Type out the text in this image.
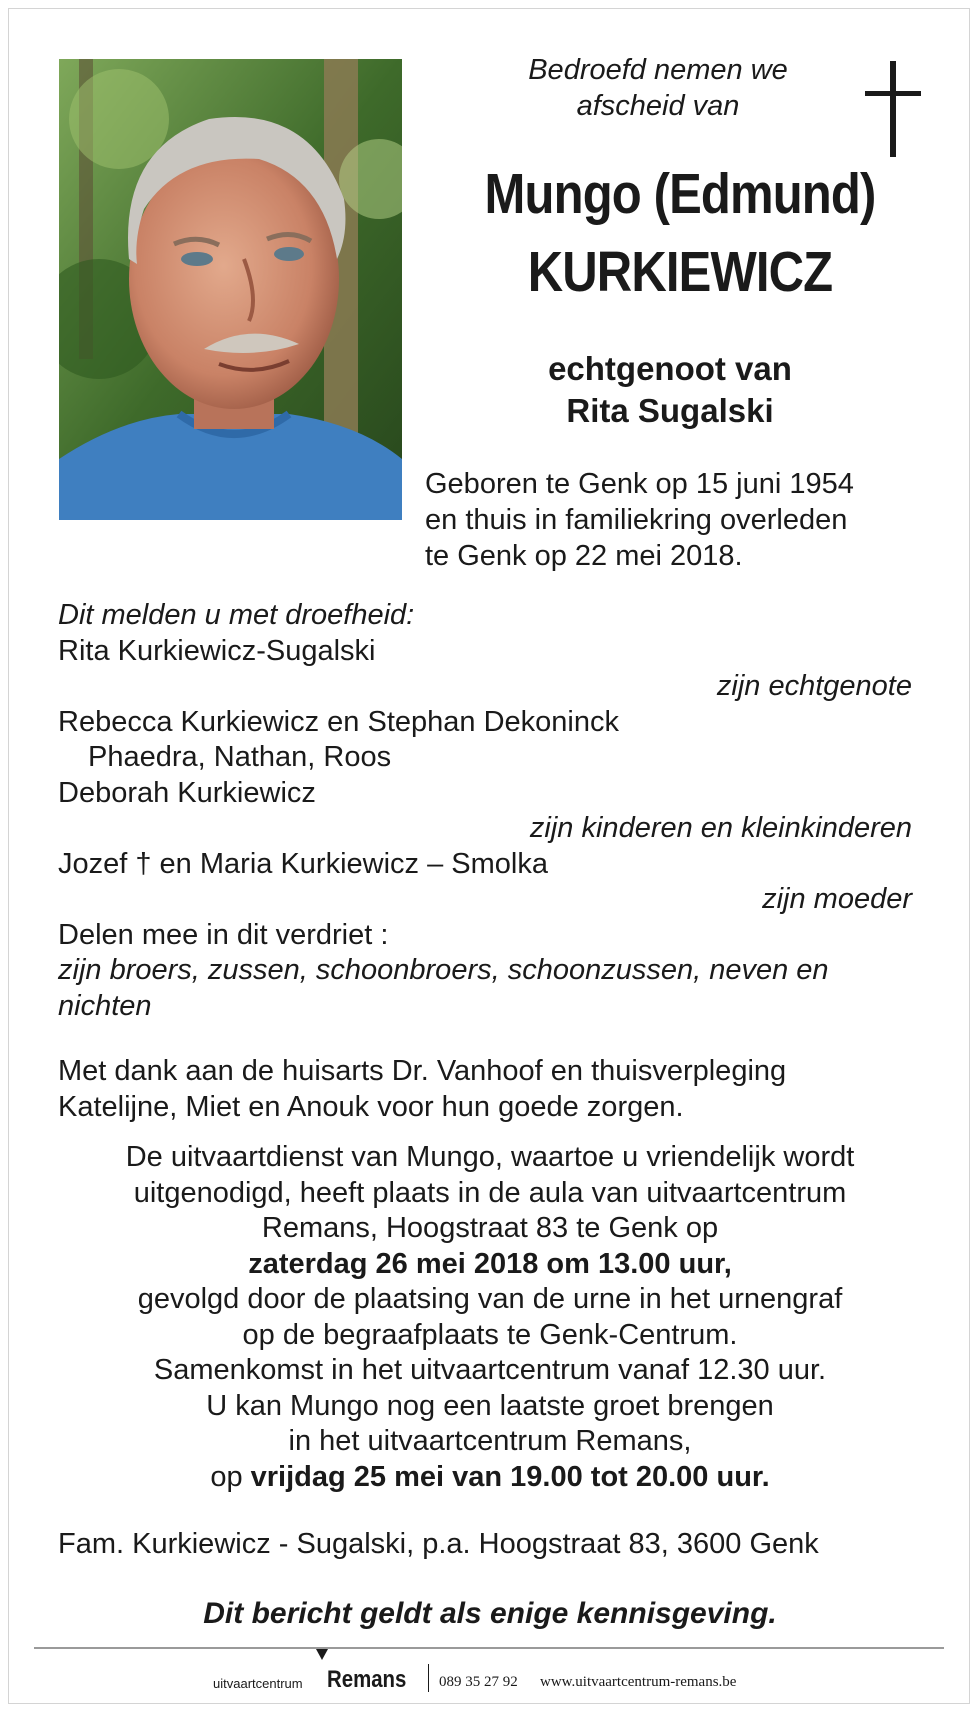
Bedroefd nemen we
afscheid van
Mungo (Edmund)
KURKIEWICZ
echtgenoot van
Rita Sugalski
Geboren te Genk op 15 juni 1954
en thuis in familiekring overleden
te Genk op 22 mei 2018.
Dit melden u met droefheid:
Rita Kurkiewicz-Sugalski
zijn echtgenote
Rebecca Kurkiewicz en Stephan Dekoninck
Phaedra, Nathan, Roos
Deborah Kurkiewicz
zijn kinderen en kleinkinderen
Jozef † en Maria Kurkiewicz – Smolka
zijn moeder
Delen mee in dit verdriet :
zijn broers, zussen, schoonbroers, schoonzussen, neven en
nichten
Met dank aan de huisarts Dr. Vanhoof en thuisverpleging
Katelijne, Miet en Anouk voor hun goede zorgen.
De uitvaartdienst van Mungo, waartoe u vriendelijk wordt
uitgenodigd, heeft plaats in de aula van uitvaartcentrum
Remans, Hoogstraat 83 te Genk op
zaterdag 26 mei 2018 om 13.00 uur,
gevolgd door de plaatsing van de urne in het urnengraf
op de begraafplaats te Genk-Centrum.
Samenkomst in het uitvaartcentrum vanaf 12.30 uur.
U kan Mungo nog een laatste groet brengen
in het uitvaartcentrum Remans,
op vrijdag 25 mei van 19.00 tot 20.00 uur.
Fam. Kurkiewicz - Sugalski, p.a. Hoogstraat 83, 3600 Genk
Dit bericht geldt als enige kennisgeving.
uitvaartcentrum Remans 089 35 27 92 www.uitvaartcentrum-remans.be
